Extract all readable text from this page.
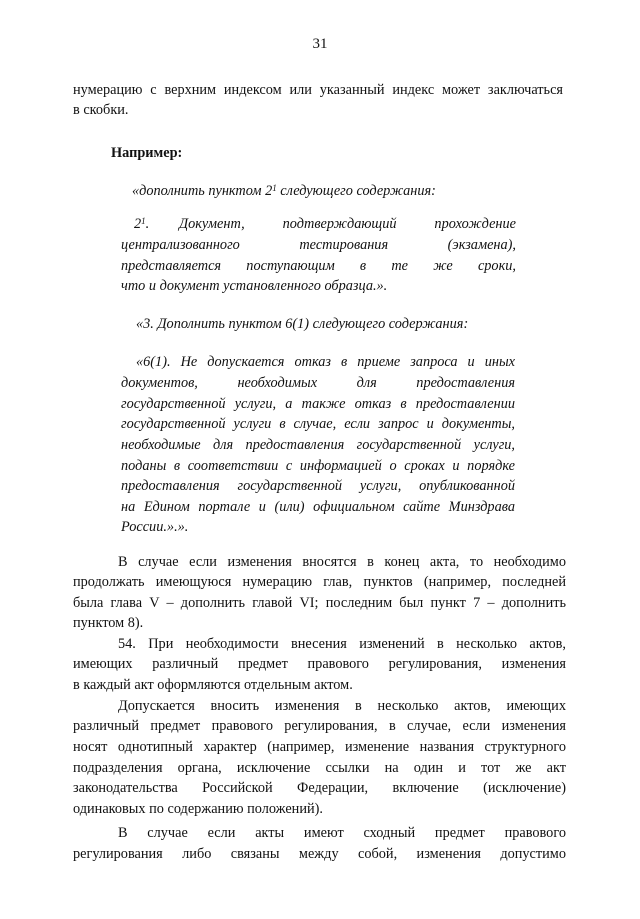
31
нумерацию с верхним индексом или указанный индекс может заключаться
в скобки.
Например:
«дополнить пунктом $2^1$ следующего содержания:
$2^1$. Документ, подтверждающий прохождение
централизованного тестирования (экзамена),
представляется поступающим в те же сроки,
что и документ установленного образца.».
«3. Дополнить пунктом 6(1) следующего содержания:
«6(1). Не допускается отказ в приеме запроса и иных
документов, необходимых для предоставления
государственной услуги, а также отказ в предоставлении
государственной услуги в случае, если запрос и документы,
необходимые для предоставления государственной услуги,
поданы в соответствии с информацией о сроках и порядке
предоставления государственной услуги, опубликованной
на Едином портале и (или) официальном сайте Минздрава
России.».».
В случае если изменения вносятся в конец акта, то необходимо
продолжать имеющуюся нумерацию глав, пунктов (например, последней
была глава V – дополнить главой VI; последним был пункт 7 – дополнить
пунктом 8).
54. При необходимости внесения изменений в несколько актов,
имеющих различный предмет правового регулирования, изменения
в каждый акт оформляются отдельным актом.
Допускается вносить изменения в несколько актов, имеющих
различный предмет правового регулирования, в случае, если изменения
носят однотипный характер (например, изменение названия структурного
подразделения органа, исключение ссылки на один и тот же акт
законодательства Российской Федерации, включение (исключение)
одинаковых по содержанию положений).
В случае если акты имеют сходный предмет правового
регулирования либо связаны между собой, изменения допустимо
